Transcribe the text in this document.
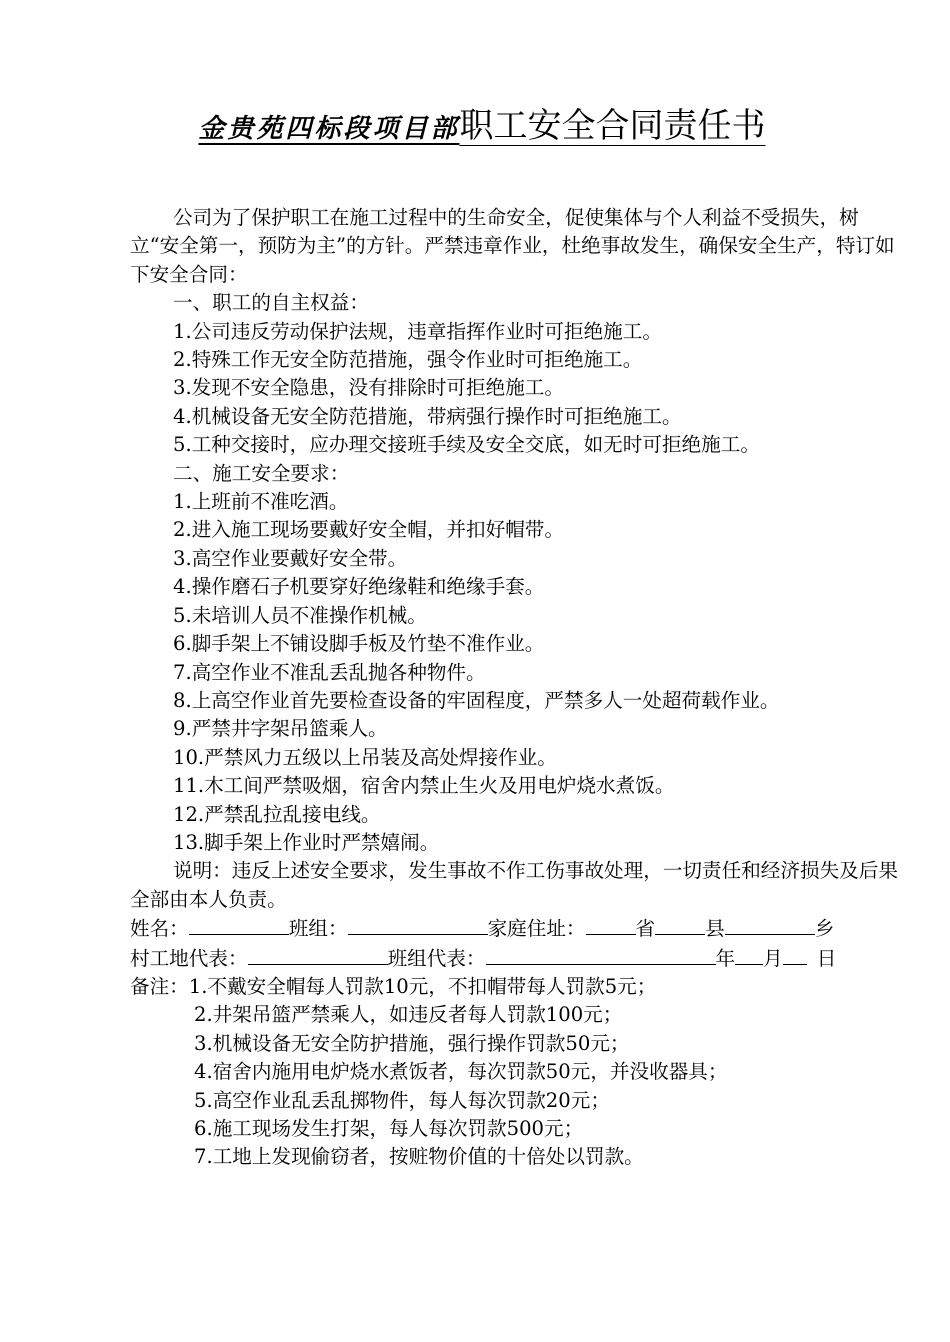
金贵苑四标段项目部职工安全合同责任书

公司为了保护职工在施工过程中的生命安全，促使集体与个人利益不受损失，树立“安全第一，预防为主”的方针。严禁违章作业，杜绝事故发生，确保安全生产，特订如下安全合同：

一、职工的自主权益：

1.公司违反劳动保护法规，违章指挥作业时可拒绝施工。

2.特殊工作无安全防范措施，强令作业时可拒绝施工。

3.发现不安全隐患，没有排除时可拒绝施工。

4.机械设备无安全防范措施，带病强行操作时可拒绝施工。

5.工种交接时，应办理交接班手续及安全交底，如无时可拒绝施工。

二、施工安全要求：

1.上班前不准吃酒。

2.进入施工现场要戴好安全帽，并扣好帽带。

3.高空作业要戴好安全带。

4.操作磨石子机要穿好绝缘鞋和绝缘手套。

5.未培训人员不准操作机械。

6.脚手架上不铺设脚手板及竹垫不准作业。

7.高空作业不准乱丢乱抛各种物件。

8.上高空作业首先要检查设备的牢固程度，严禁多人一处超荷载作业。

9.严禁井字架吊篮乘人。

10.严禁风力五级以上吊装及高处焊接作业。

11.木工间严禁吸烟，宿舍内禁止生火及用电炉烧水煮饭。

12.严禁乱拉乱接电线。

13.脚手架上作业时严禁嬉闹。

说明：违反上述安全要求，发生事故不作工伤事故处理，一切责任和经济损失及后果全部由本人负责。

姓名：	班组：	家庭住址：	省	县	乡
村 工地代表：	班组代表：	年 月 日
备注： 1.不戴安全帽每人罚款10元，不扣帽带每人罚款5元；

2.井架吊篮严禁乘人，如违反者每人罚款100元；

3.机械设备无安全防护措施，强行操作罚款50元；

4.宿舍内施用电炉烧水煮饭者，每次罚款50元，并没收器具；

5.高空作业乱丢乱掷物件，每人每次罚款20元；

6.施工现场发生打架，每人每次罚款500元；

7.工地上发现偷窃者，按赃物价值的十倍处以罚款。
